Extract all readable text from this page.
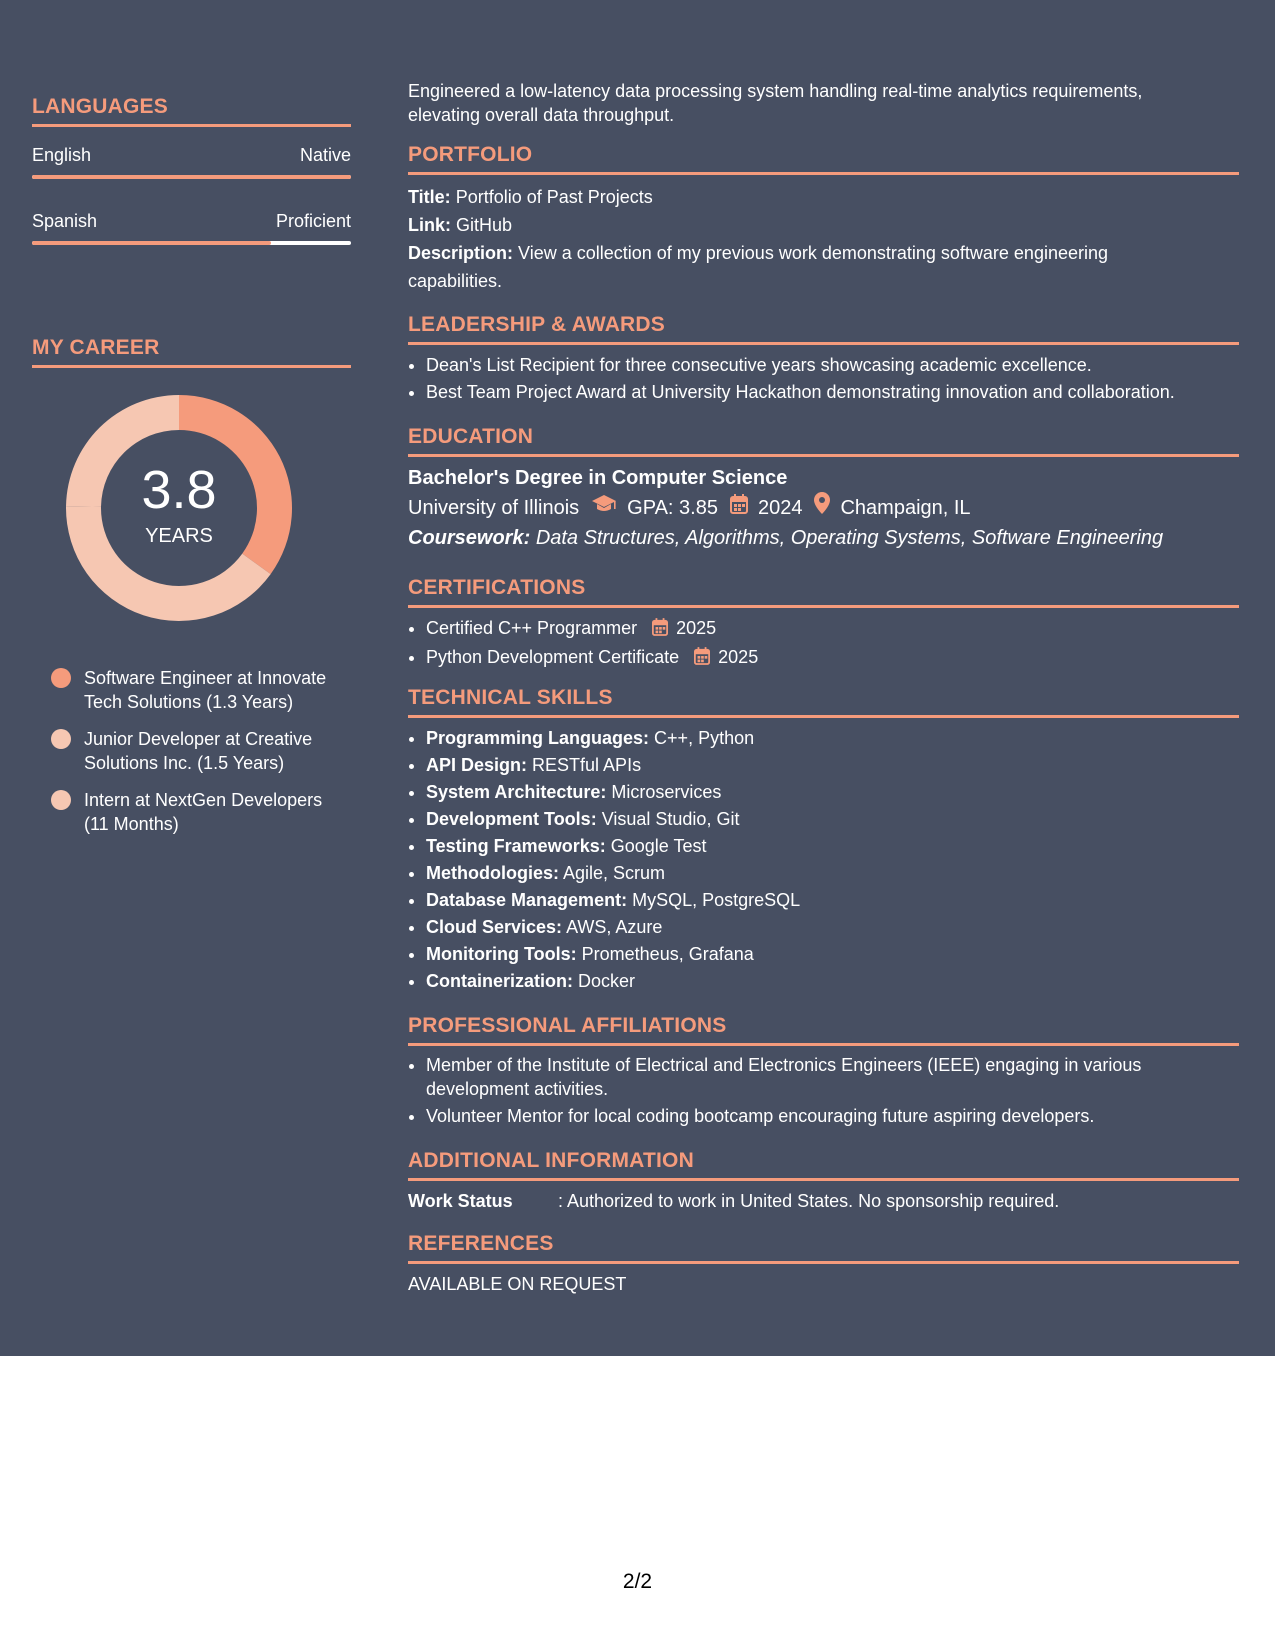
LANGUAGES
English	Native
Spanish	Proficient
MY CAREER
3.8
YEARS
Software Engineer at Innovate Tech Solutions (1.3 Years)
Junior Developer at Creative Solutions Inc. (1.5 Years)
Intern at NextGen Developers (11 Months)

Engineered a low-latency data processing system handling real-time analytics requirements, elevating overall data throughput.

PORTFOLIO
Title: Portfolio of Past Projects
Link: GitHub
Description: View a collection of my previous work demonstrating software engineering capabilities.
LEADERSHIP & AWARDS
• Dean's List Recipient for three consecutive years showcasing academic excellence.
• Best Team Project Award at University Hackathon demonstrating innovation and collaboration.
EDUCATION
Bachelor's Degree in Computer Science
University of Illinois GPA: 3.85 2024 Champaign, IL
Coursework: Data Structures, Algorithms, Operating Systems, Software Engineering
CERTIFICATIONS
• Certified C++ Programmer 2025
• Python Development Certificate 2025
TECHNICAL SKILLS
• Programming Languages: C++, Python
• API Design: RESTful APIs
• System Architecture: Microservices
• Development Tools: Visual Studio, Git
• Testing Frameworks: Google Test
• Methodologies: Agile, Scrum
• Database Management: MySQL, PostgreSQL
• Cloud Services: AWS, Azure
• Monitoring Tools: Prometheus, Grafana
• Containerization: Docker
PROFESSIONAL AFFILIATIONS
• Member of the Institute of Electrical and Electronics Engineers (IEEE) engaging in various development activities.
• Volunteer Mentor for local coding bootcamp encouraging future aspiring developers.
ADDITIONAL INFORMATION
Work Status	: Authorized to work in United States. No sponsorship required.
REFERENCES
AVAILABLE ON REQUEST
2/2
